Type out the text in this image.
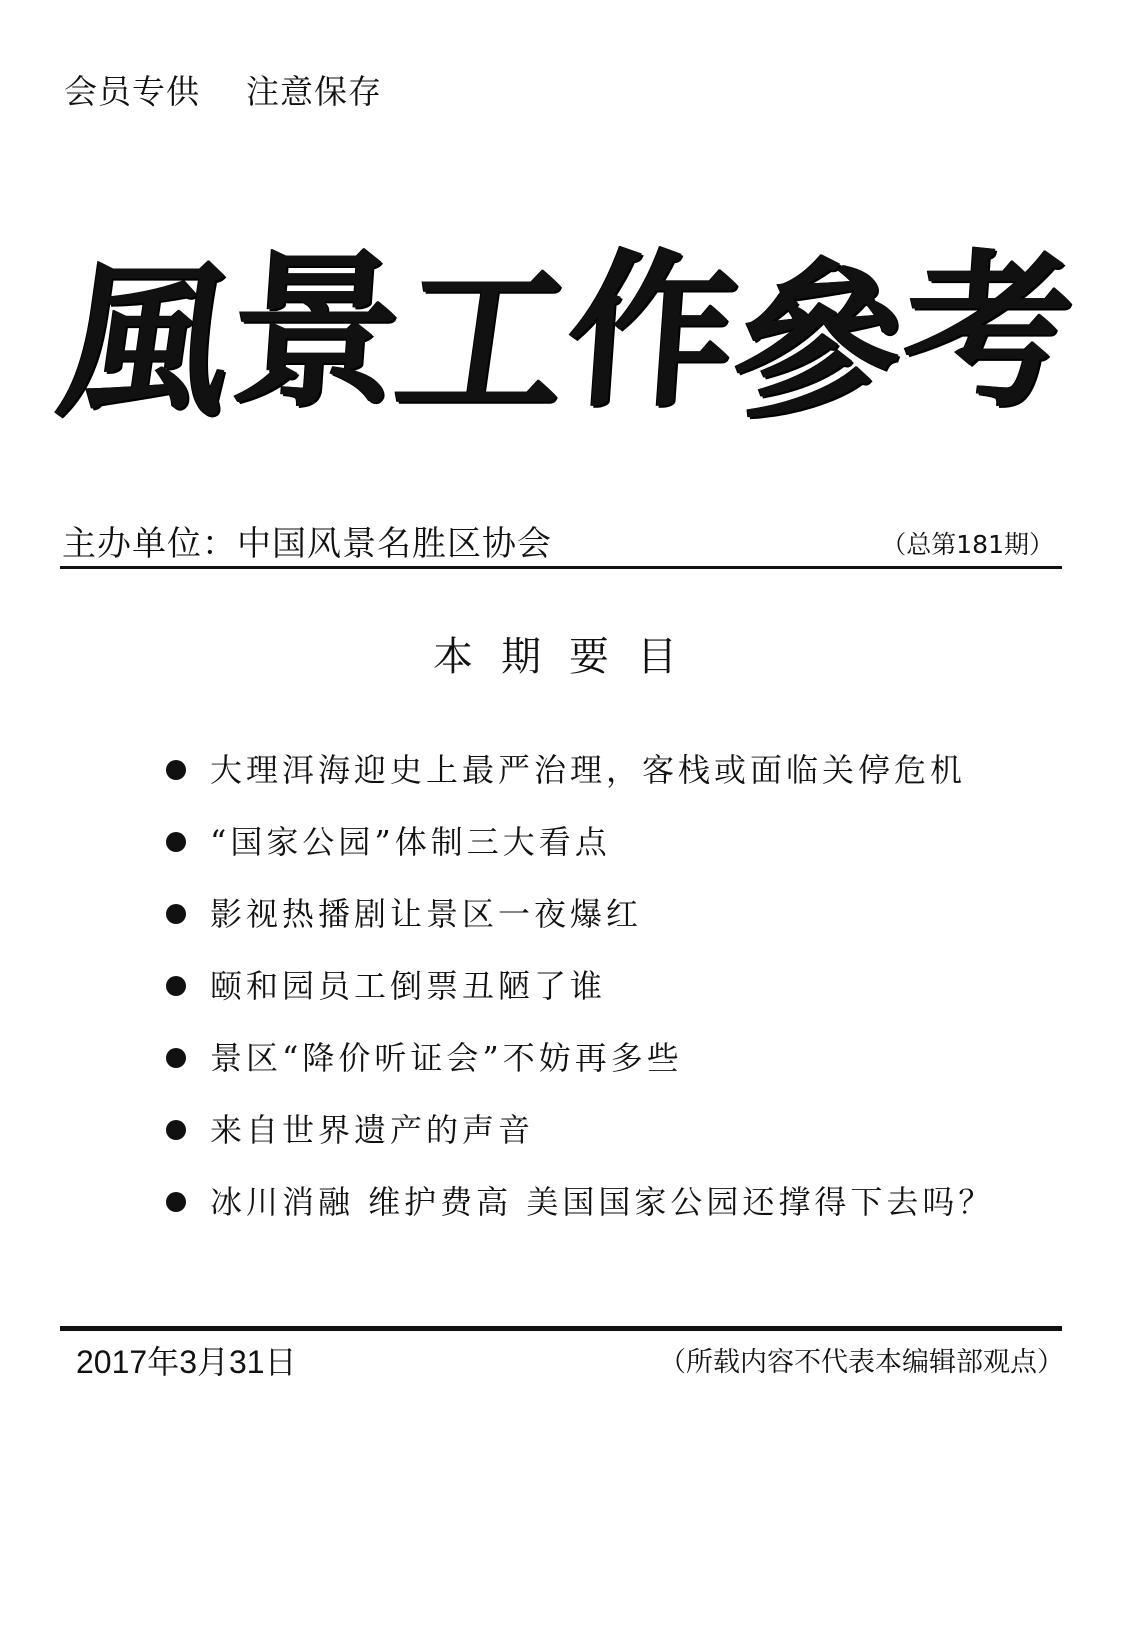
会员专供    注意保存
風
景
工
作
參
考
主办单位：中国风景名胜区协会	（总第181期）
本期要目
大理洱海迎史上最严治理，客栈或面临关停危机
“国家公园”体制三大看点
影视热播剧让景区一夜爆红
颐和园员工倒票丑陋了谁
景区“降价听证会”不妨再多些
来自世界遗产的声音
冰川消融 维护费高 美国国家公园还撑得下去吗？
2017年3月31日	（所载内容不代表本编辑部观点）
